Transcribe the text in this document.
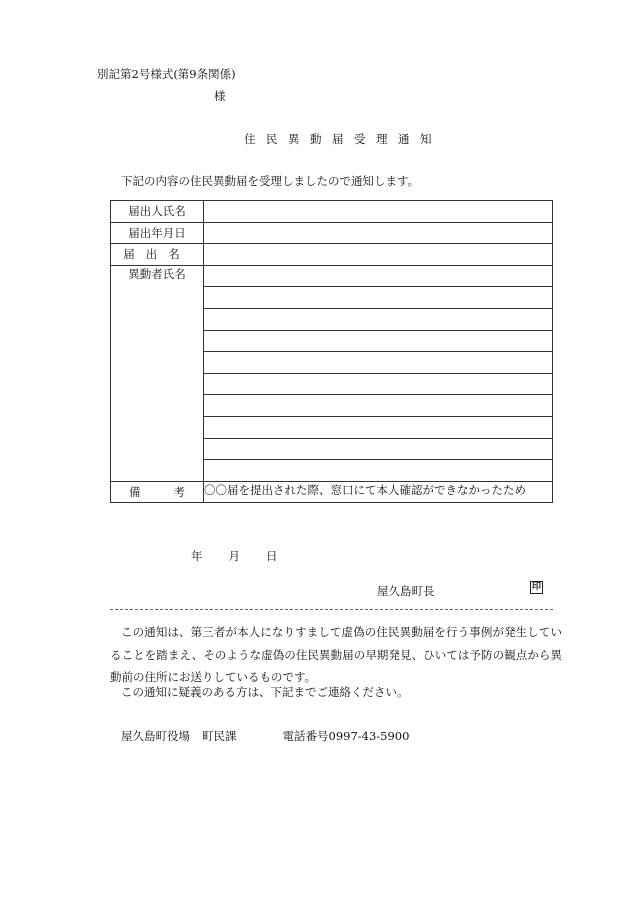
別記第2号様式(第9条関係)
様
住民異動届受理通知
下記の内容の住民異動届を受理しましたので通知します。
届出人氏名	
届出年月日	
届出名	
異動者氏名	

備考	〇〇届を提出された際、窓口にて本人確認ができなかったため
年 月 日
屋久島町長	印
この通知は、第三者が本人になりすまして虚偽の住民異動届を行う事例が発生していることを踏まえ、そのような虚偽の住民異動届の早期発見、ひいては予防の観点から異動前の住所にお送りしているものです。
この通知に疑義のある方は、下記までご連絡ください。
屋久島町役場 町民課	電話番号0997-43-5900
